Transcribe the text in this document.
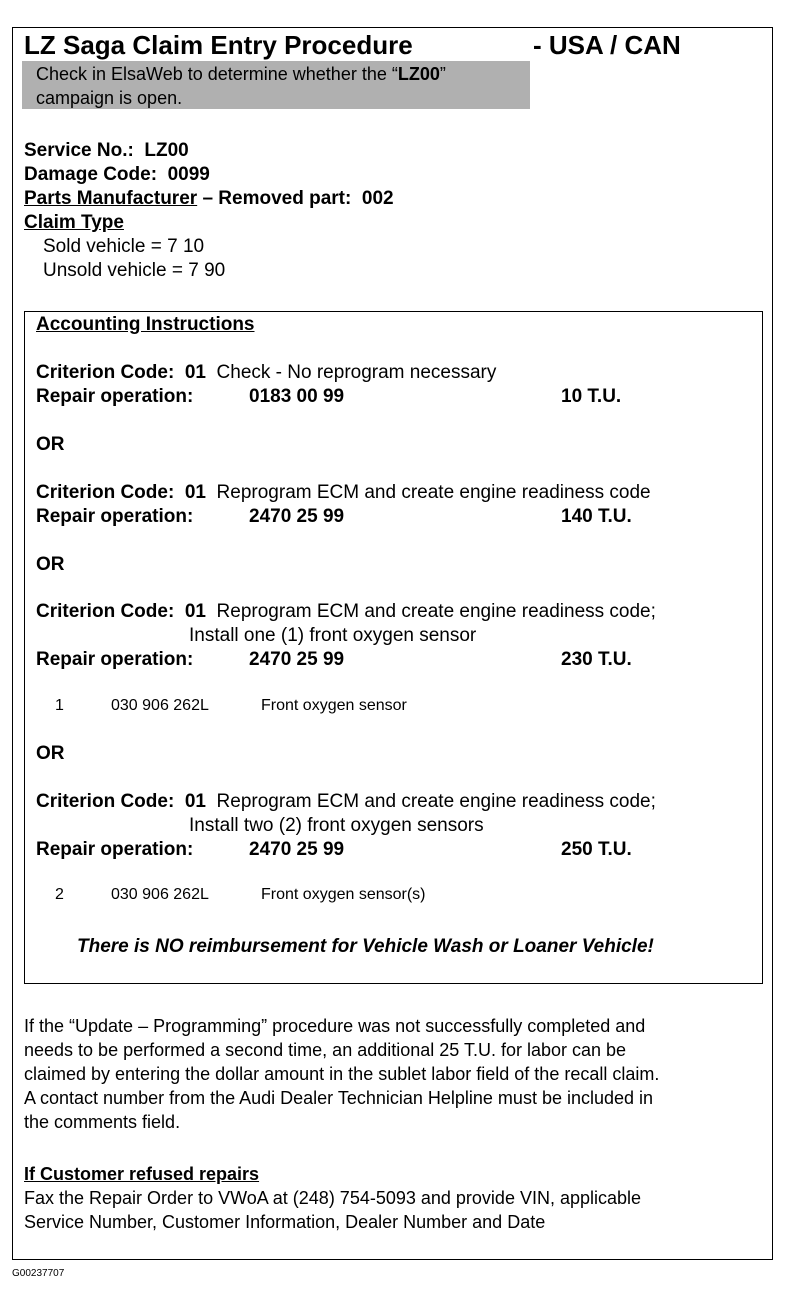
LZ Saga Claim Entry Procedure	- USA / CAN
Check in ElsaWeb to determine whether the “LZ00”
campaign is open.
Service No.: LZ00
Damage Code: 0099
Parts Manufacturer – Removed part: 002
Claim Type
Sold vehicle = 7 10
Unsold vehicle = 7 90
Accounting Instructions
Criterion Code: 01 Check - No reprogram necessary
Repair operation:	0183 00 99	10 T.U.
OR
Criterion Code: 01 Reprogram ECM and create engine readiness code
Repair operation:	2470 25 99	140 T.U.
OR
Criterion Code: 01 Reprogram ECM and create engine readiness code;
Install one (1) front oxygen sensor
Repair operation:	2470 25 99	230 T.U.
1	030 906 262L	Front oxygen sensor
OR
Criterion Code: 01 Reprogram ECM and create engine readiness code;
Install two (2) front oxygen sensors
Repair operation:	2470 25 99	250 T.U.
2	030 906 262L	Front oxygen sensor(s)
There is NO reimbursement for Vehicle Wash or Loaner Vehicle!
If the “Update – Programming” procedure was not successfully completed and
needs to be performed a second time, an additional 25 T.U. for labor can be
claimed by entering the dollar amount in the sublet labor field of the recall claim.
A contact number from the Audi Dealer Technician Helpline must be included in
the comments field.
If Customer refused repairs
Fax the Repair Order to VWoA at (248) 754-5093 and provide VIN, applicable
Service Number, Customer Information, Dealer Number and Date
G00237707
